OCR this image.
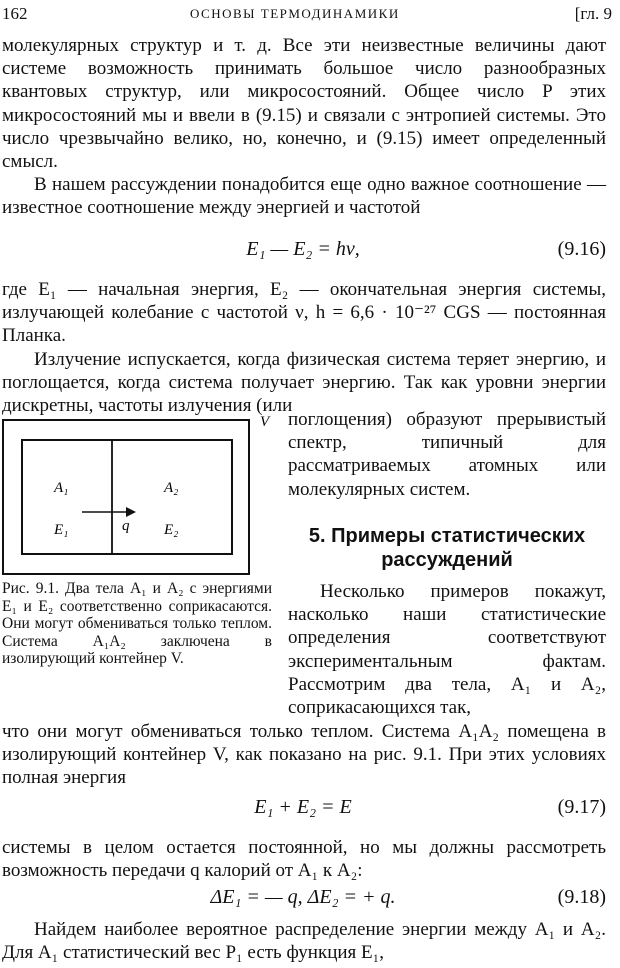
162	ОСНОВЫ ТЕРМОДИНАМИКИ	[гл. 9

молекулярных структур и т. д. Все эти неизвестные величины дают системе возможность принимать большое число разнообразных квантовых структур, или микросостояний. Общее число P этих микросостояний мы и ввели в (9.15) и связали с энтропией системы. Это число чрезвычайно велико, но, конечно, и (9.15) имеет определенный смысл.

В нашем рассуждении понадобится еще одно важное соотношение — известное соотношение между энергией и частотой

E₁ — E₂ = hν,	(9.16)

где E₁ — начальная энергия, E₂ — окончательная энергия системы, излучающей колебание с частотой ν, h = 6,6 · 10⁻²⁷ CGS — постоянная Планка.

Излучение испускается, когда физическая система теряет энергию, и поглощается, когда система получает энергию. Так как уровни энергии дискретны, частоты излучения (или

V
A₁
E₁
A₂
E₂
q
Рис. 9.1. Два тела A₁ и A₂ с энергиями E₁ и E₂ соответственно соприкасаются. Они могут обмениваться только теплом. Система A₁A₂ заключена в изолирующий контейнер V.
поглощения) образуют прерывистый спектр, типичный для рассматриваемых атомных или молекулярных систем.
5. Примеры статистических рассуждений

Несколько примеров покажут, насколько наши статистические определения соответствуют экспериментальным фактам. Рассмотрим два тела, A₁ и A₂, соприкасающихся так,

что они могут обмениваться только теплом. Система A₁A₂ помещена в изолирующий контейнер V, как показано на рис. 9.1. При этих условиях полная энергия

E₁ + E₂ = E	(9.17)

системы в целом остается постоянной, но мы должны рассмотреть возможность передачи q калорий от A₁ к A₂:

ΔE₁ = — q, ΔE₂ = + q.	(9.18)

Найдем наиболее вероятное распределение энергии между A₁ и A₂. Для A₁ статистический вес P₁ есть функция E₁,
